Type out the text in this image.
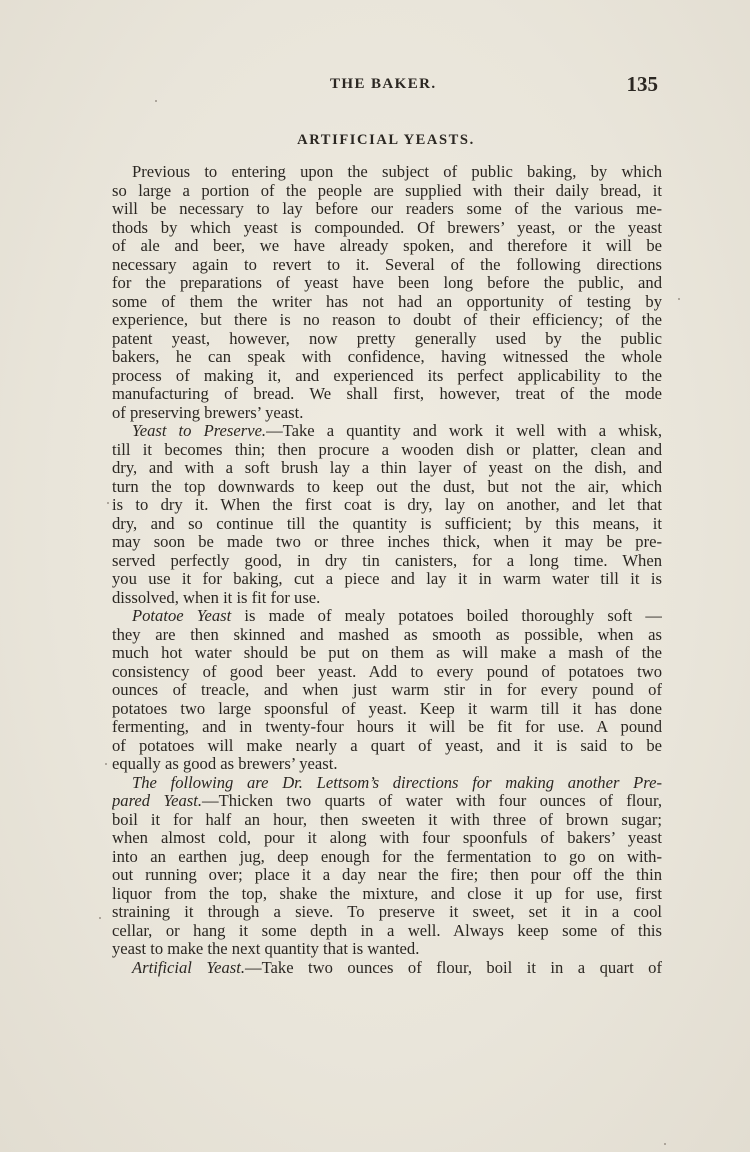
THE BAKER.	135
ARTIFICIAL YEASTS.
Previous to entering upon the subject of public baking, by which
so large a portion of the people are supplied with their daily bread, it
will be necessary to lay before our readers some of the various me-
thods by which yeast is compounded. Of brewers’ yeast, or the yeast
of ale and beer, we have already spoken, and therefore it will be
necessary again to revert to it. Several of the following directions
for the preparations of yeast have been long before the public, and
some of them the writer has not had an opportunity of testing by
experience, but there is no reason to doubt of their efficiency; of the
patent yeast, however, now pretty generally used by the public
bakers, he can speak with confidence, having witnessed the whole
process of making it, and experienced its perfect applicability to the
manufacturing of bread. We shall first, however, treat of the mode
of preserving brewers’ yeast.
Yeast to Preserve.—Take a quantity and work it well with a whisk,
till it becomes thin; then procure a wooden dish or platter, clean and
dry, and with a soft brush lay a thin layer of yeast on the dish, and
turn the top downwards to keep out the dust, but not the air, which
is to dry it. When the first coat is dry, lay on another, and let that
dry, and so continue till the quantity is sufficient; by this means, it
may soon be made two or three inches thick, when it may be pre-
served perfectly good, in dry tin canisters, for a long time. When
you use it for baking, cut a piece and lay it in warm water till it is
dissolved, when it is fit for use.
Potatoe Yeast is made of mealy potatoes boiled thoroughly soft —
they are then skinned and mashed as smooth as possible, when as
much hot water should be put on them as will make a mash of the
consistency of good beer yeast. Add to every pound of potatoes two
ounces of treacle, and when just warm stir in for every pound of
potatoes two large spoonsful of yeast. Keep it warm till it has done
fermenting, and in twenty-four hours it will be fit for use. A pound
of potatoes will make nearly a quart of yeast, and it is said to be
equally as good as brewers’ yeast.
The following are Dr. Lettsom’s directions for making another Pre-
pared Yeast.—Thicken two quarts of water with four ounces of flour,
boil it for half an hour, then sweeten it with three of brown sugar;
when almost cold, pour it along with four spoonfuls of bakers’ yeast
into an earthen jug, deep enough for the fermentation to go on with-
out running over; place it a day near the fire; then pour off the thin
liquor from the top, shake the mixture, and close it up for use, first
straining it through a sieve. To preserve it sweet, set it in a cool
cellar, or hang it some depth in a well. Always keep some of this
yeast to make the next quantity that is wanted.
Artificial Yeast.—Take two ounces of flour, boil it in a quart of
